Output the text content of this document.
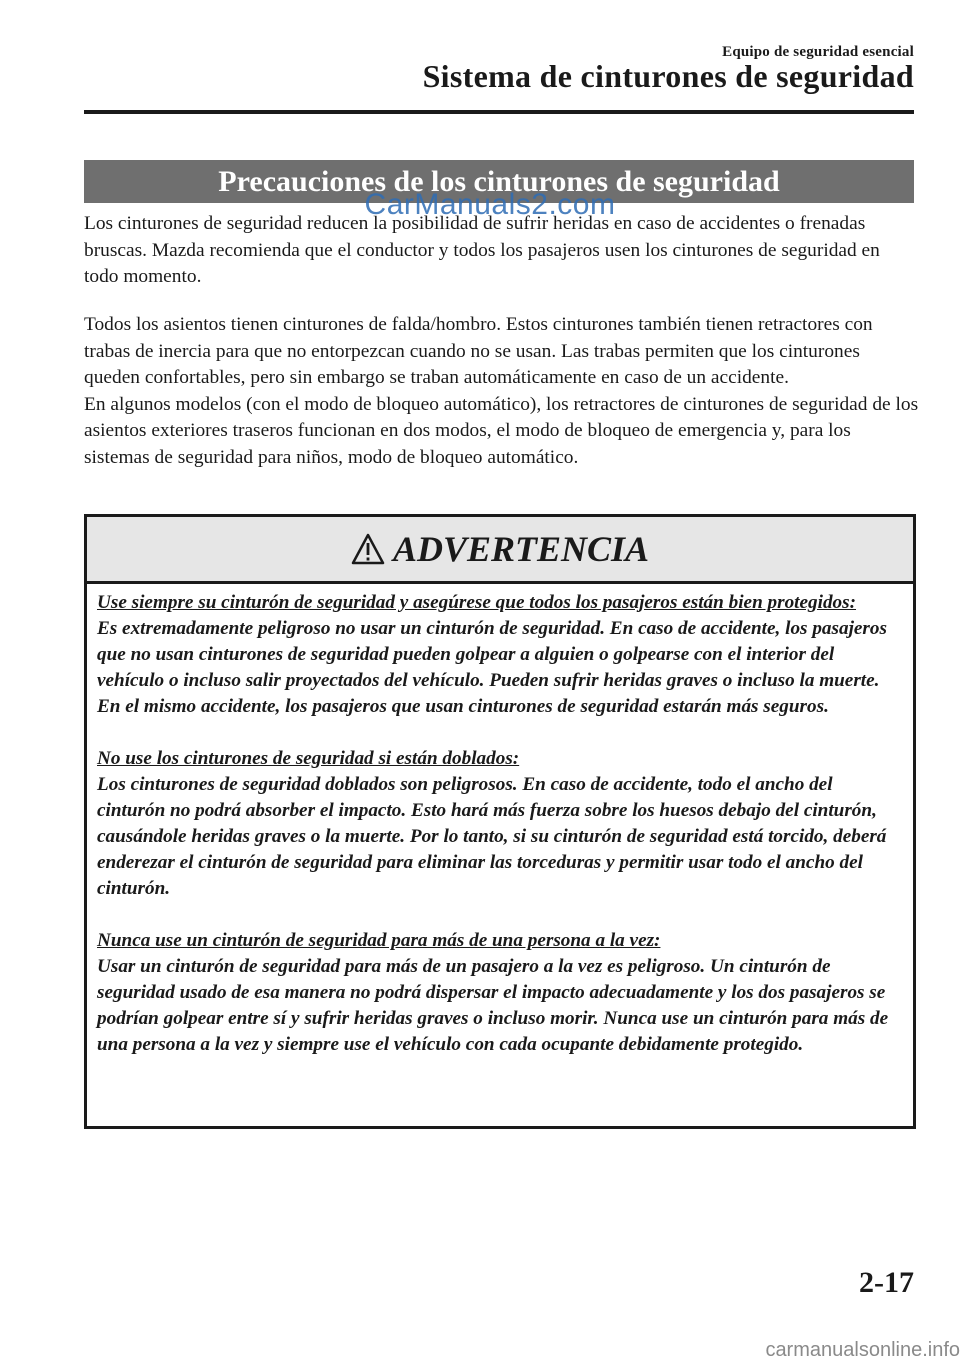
Equipo de seguridad esencial
Sistema de cinturones de seguridad
Precauciones de los cinturones de seguridad
CarManuals2.com

Los cinturones de seguridad reducen la posibilidad de sufrir heridas en caso de accidentes o frenadas bruscas. Mazda recomienda que el conductor y todos los pasajeros usen los cinturones de seguridad en todo momento.

Todos los asientos tienen cinturones de falda/hombro. Estos cinturones también tienen retractores con trabas de inercia para que no entorpezcan cuando no se usan. Las trabas permiten que los cinturones queden confortables, pero sin embargo se traban automáticamente en caso de un accidente.
En algunos modelos (con el modo de bloqueo automático), los retractores de cinturones de seguridad de los asientos exteriores traseros funcionan en dos modos, el modo de bloqueo de emergencia y, para los sistemas de seguridad para niños, modo de bloqueo automático.
ADVERTENCIA
Use siempre su cinturón de seguridad y asegúrese que todos los pasajeros están bien protegidos:
Es extremadamente peligroso no usar un cinturón de seguridad. En caso de accidente, los pasajeros que no usan cinturones de seguridad pueden golpear a alguien o golpearse con el interior del vehículo o incluso salir proyectados del vehículo. Pueden sufrir heridas graves o incluso la muerte. En el mismo accidente, los pasajeros que usan cinturones de seguridad estarán más seguros.
No use los cinturones de seguridad si están doblados:
Los cinturones de seguridad doblados son peligrosos. En caso de accidente, todo el ancho del cinturón no podrá absorber el impacto. Esto hará más fuerza sobre los huesos debajo del cinturón, causándole heridas graves o la muerte. Por lo tanto, si su cinturón de seguridad está torcido, deberá enderezar el cinturón de seguridad para eliminar las torceduras y permitir usar todo el ancho del cinturón.
Nunca use un cinturón de seguridad para más de una persona a la vez:
Usar un cinturón de seguridad para más de un pasajero a la vez es peligroso. Un cinturón de seguridad usado de esa manera no podrá dispersar el impacto adecuadamente y los dos pasajeros se podrían golpear entre sí y sufrir heridas graves o incluso morir. Nunca use un cinturón para más de una persona a la vez y siempre use el vehículo con cada ocupante debidamente protegido.
2-17
carmanualsonline.info
